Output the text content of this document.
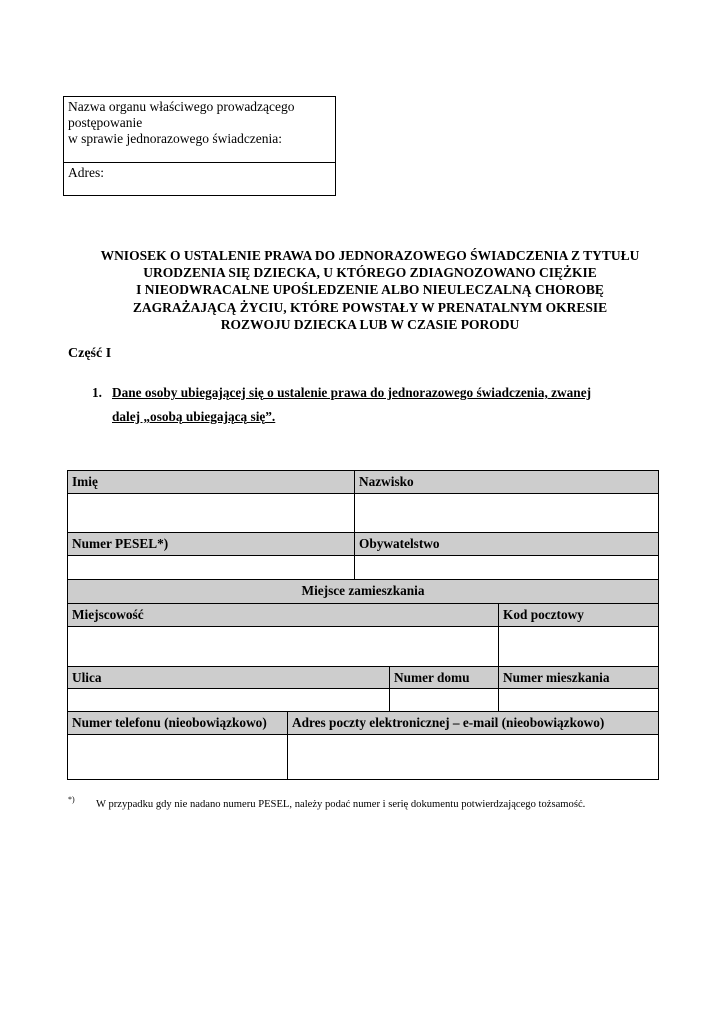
Nazwa organu właściwego prowadzącego
postępowanie
w sprawie jednorazowego świadczenia:
Adres:
WNIOSEK O USTALENIE PRAWA DO JEDNORAZOWEGO ŚWIADCZENIA Z TYTUŁU
URODZENIA SIĘ DZIECKA, U KTÓREGO ZDIAGNOZOWANO CIĘŻKIE
I NIEODWRACALNE UPOŚLEDZENIE ALBO NIEULECZALNĄ CHOROBĘ
ZAGRAŻAJĄCĄ ŻYCIU, KTÓRE POWSTAŁY W PRENATALNYM OKRESIE
ROZWOJU DZIECKA LUB W CZASIE PORODU
Część I
1. Dane osoby ubiegającej się o ustalenie prawa do jednorazowego świadczenia, zwanej
dalej „osobą ubiegającą się”.
Imię	Nazwisko
Numer PESEL*)	Obywatelstwo
Miejsce zamieszkania
Miejscowość	Kod pocztowy
Ulica	Numer domu	Numer mieszkania
Numer telefonu (nieobowiązkowo)	Adres poczty elektronicznej – e-mail (nieobowiązkowo)
*) W przypadku gdy nie nadano numeru PESEL, należy podać numer i serię dokumentu potwierdzającego tożsamość.
